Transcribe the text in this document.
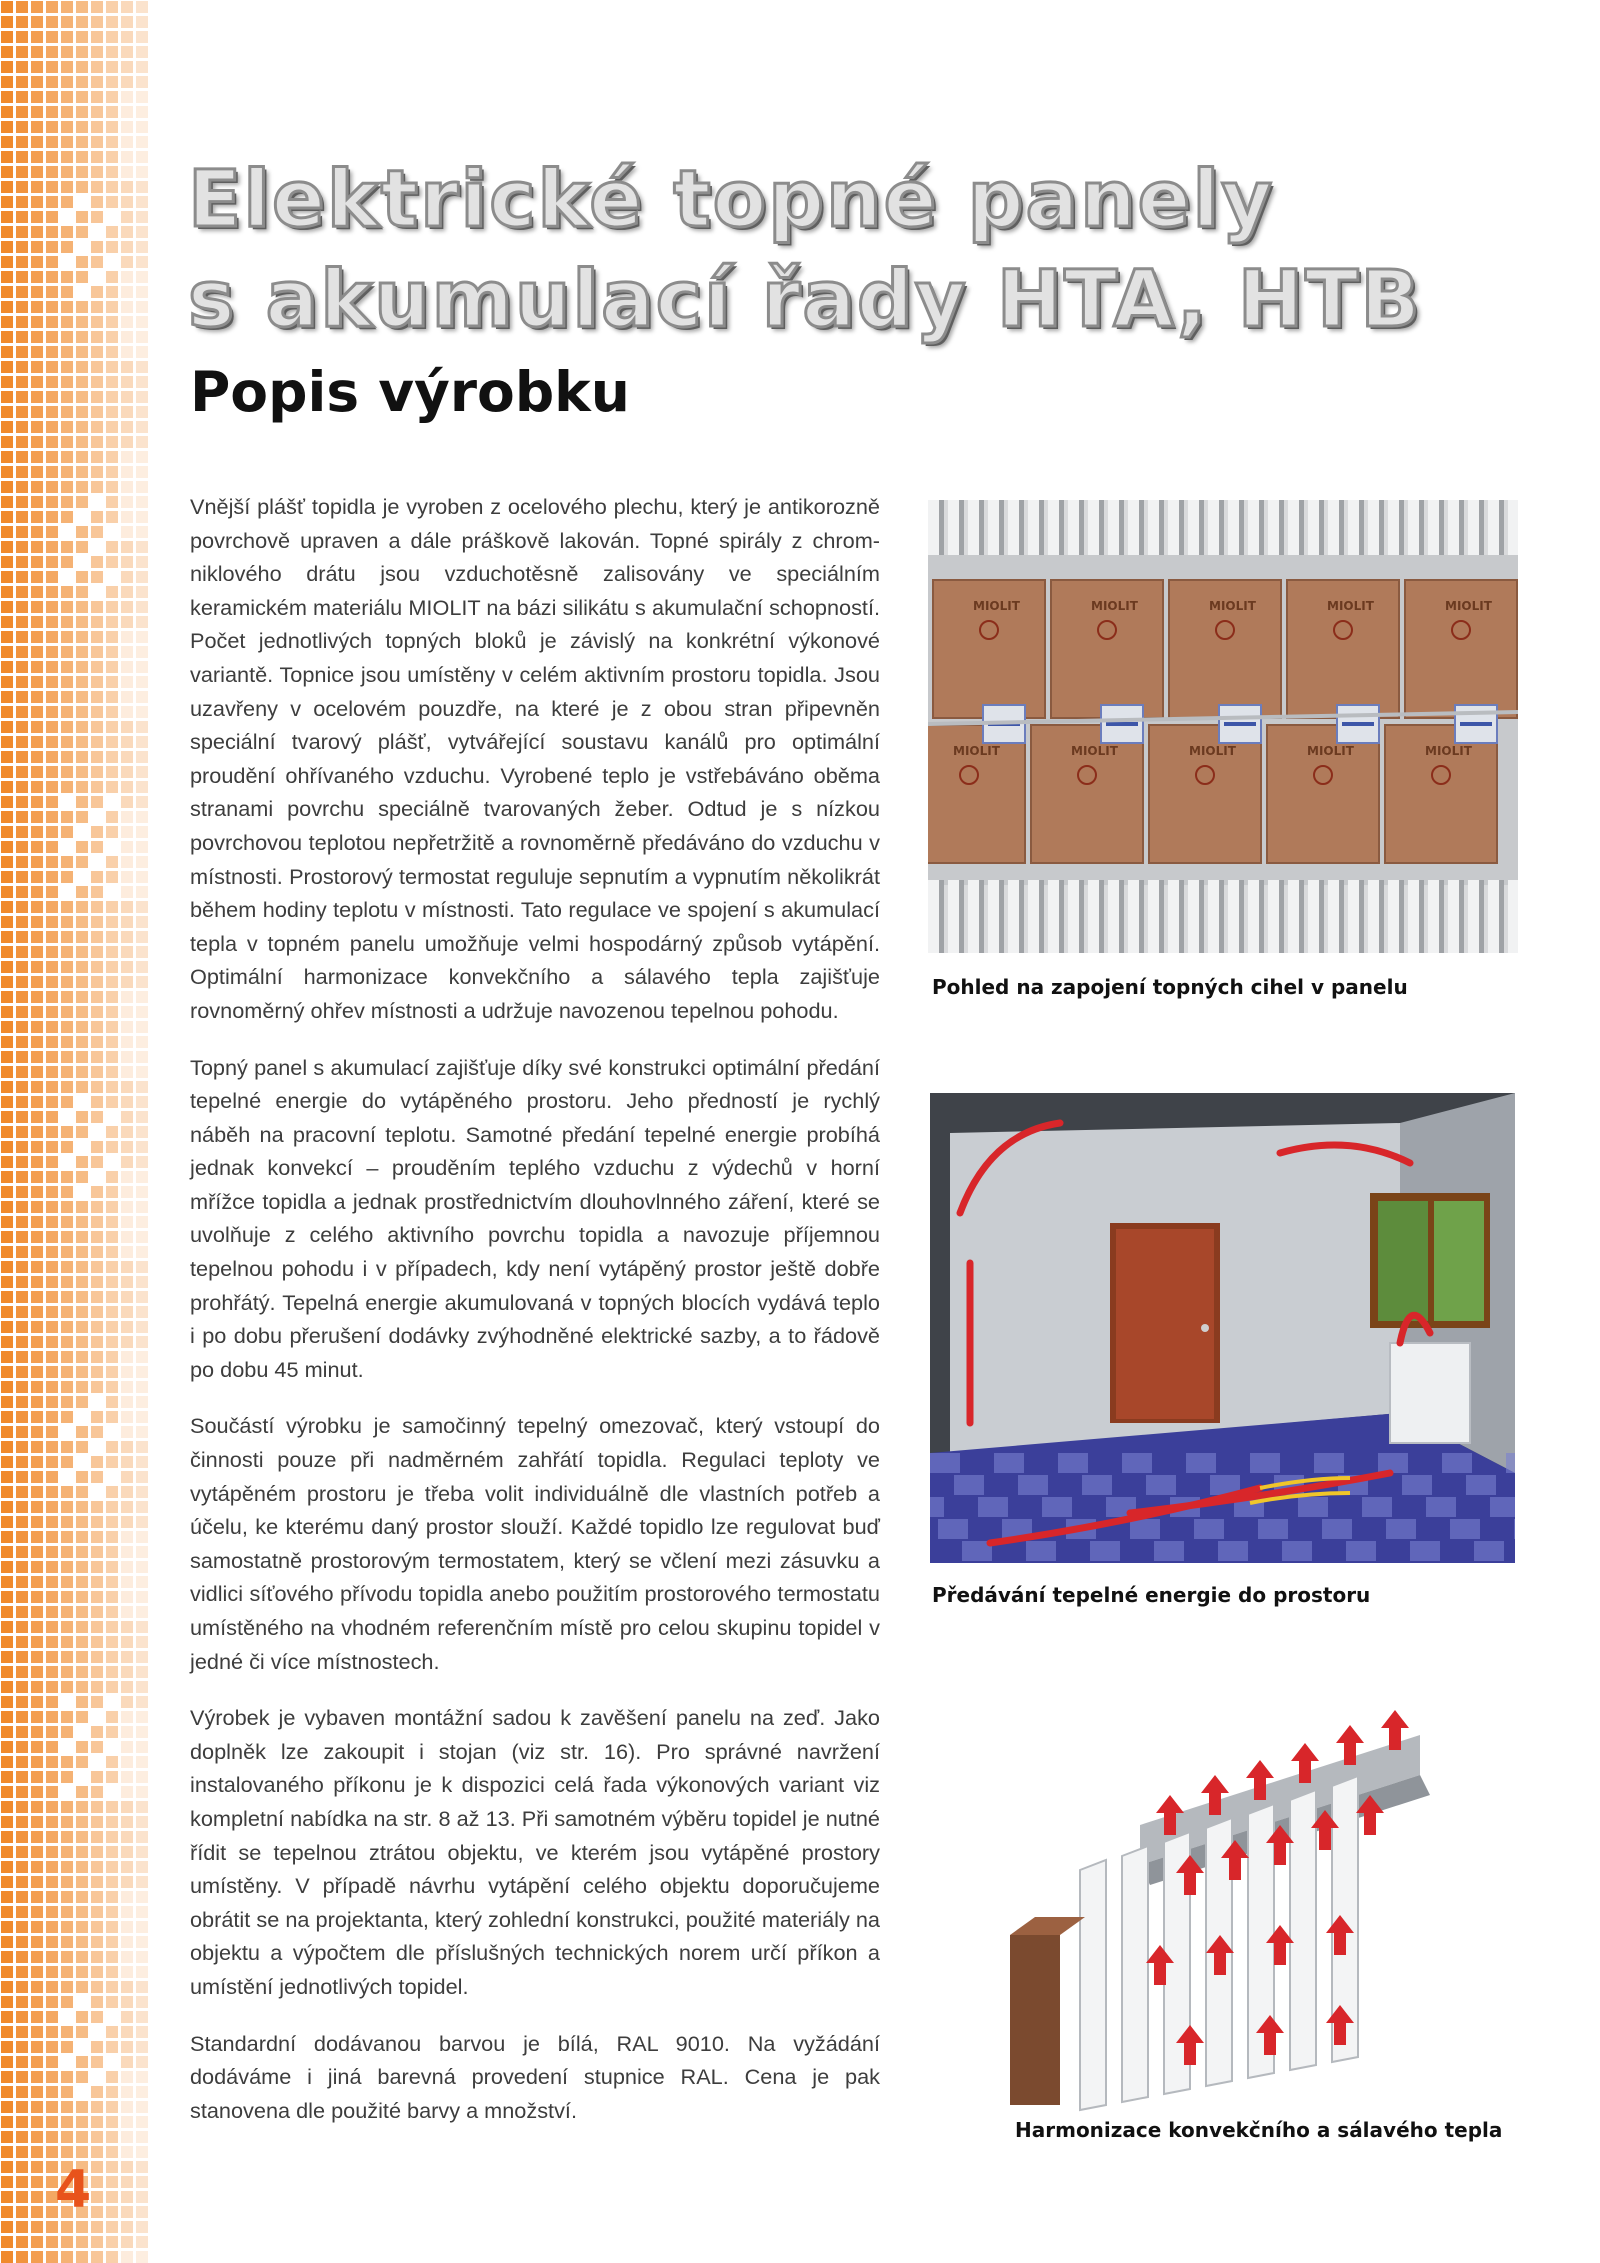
Elektrické topné panely
s akumulací řady HTA, HTB
Popis výrobku

Vnější plášť topidla je vyroben z ocelového plechu, který je antikorozně povrchově upraven a dále práškově lakován. Topné spirály z chrom-niklového drátu jsou vzduchotěsně zalisovány ve speciálním keramickém materiálu MIOLIT na bázi silikátu s akumulační schopností. Počet jednotlivých topných bloků je závislý na konkrétní výkonové variantě. Topnice jsou umístěny v celém aktivním prostoru topidla. Jsou uzavřeny v ocelovém pouzdře, na které je z obou stran připevněn speciální tvarový plášť, vytvářející soustavu kanálů pro optimální proudění ohřívaného vzduchu. Vyrobené teplo je vstřebáváno oběma stranami povrchu speciálně tvarovaných žeber. Odtud je s nízkou povrchovou teplotou nepřetržitě a rovnoměrně předáváno do vzduchu v místnosti. Prostorový termostat reguluje sepnutím a vypnutím několikrát během hodiny teplotu v místnosti. Tato regulace ve spojení s akumulací tepla v topném panelu umožňuje velmi hospodárný způsob vytápění. Optimální harmonizace konvekčního a sálavého tepla zajišťuje rovnoměrný ohřev místnosti a udržuje navozenou tepelnou pohodu.

Topný panel s akumulací zajišťuje díky své konstrukci optimální předání tepelné energie do vytápěného prostoru. Jeho předností je rychlý náběh na pracovní teplotu. Samotné předání tepelné energie probíhá jednak konvekcí – prouděním teplého vzduchu z výdechů v horní mřížce topidla a jednak prostřednictvím dlouhovlnného záření, které se uvolňuje z celého aktivního povrchu topidla a navozuje příjemnou tepelnou pohodu i v případech, kdy není vytápěný prostor ještě dobře prohřátý. Tepelná energie akumulovaná v topných blocích vydává teplo i po dobu přerušení dodávky zvýhodněné elektrické sazby, a to řádově po dobu 45 minut.

Součástí výrobku je samočinný tepelný omezovač, který vstoupí do činnosti pouze při nadměrném zahřátí topidla. Regulaci teploty ve vytápěném prostoru je třeba volit individuálně dle vlastních potřeb a účelu, ke kterému daný prostor slouží. Každé topidlo lze regulovat buď samostatně prostorovým termostatem, který se včlení mezi zásuvku a vidlici síťového přívodu topidla anebo použitím prostorového termostatu umístěného na vhodném referenčním místě pro celou skupinu topidel v jedné či více místnostech.

Výrobek je vybaven montážní sadou k zavěšení panelu na zeď. Jako doplněk lze zakoupit i stojan (viz str. 16). Pro správné navržení instalovaného příkonu je k dispozici celá řada výkonových variant viz kompletní nabídka na str. 8 až 13. Při samotném výběru topidel je nutné řídit se tepelnou ztrátou objektu, ve kterém jsou vytápěné prostory umístěny. V případě návrhu vytápění celého objektu doporučujeme obrátit se na projektanta, který zohlední konstrukci, použité materiály na objektu a výpočtem dle příslušných technických norem určí příkon a umístění jednotlivých topidel.

Standardní dodávanou barvou je bílá, RAL 9010. Na vyžádání dodáváme i jiná barevná provedení stupnice RAL. Cena je pak stanovena dle použité barvy a množství.

MIOLIT	MIOLIT	MIOLIT	MIOLIT	MIOLIT
MIOLIT	MIOLIT	MIOLIT	MIOLIT	MIOLIT
Pohled na zapojení topných cihel v panelu
Předávání tepelné energie do prostoru
Harmonizace konvekčního a sálavého tepla
4
